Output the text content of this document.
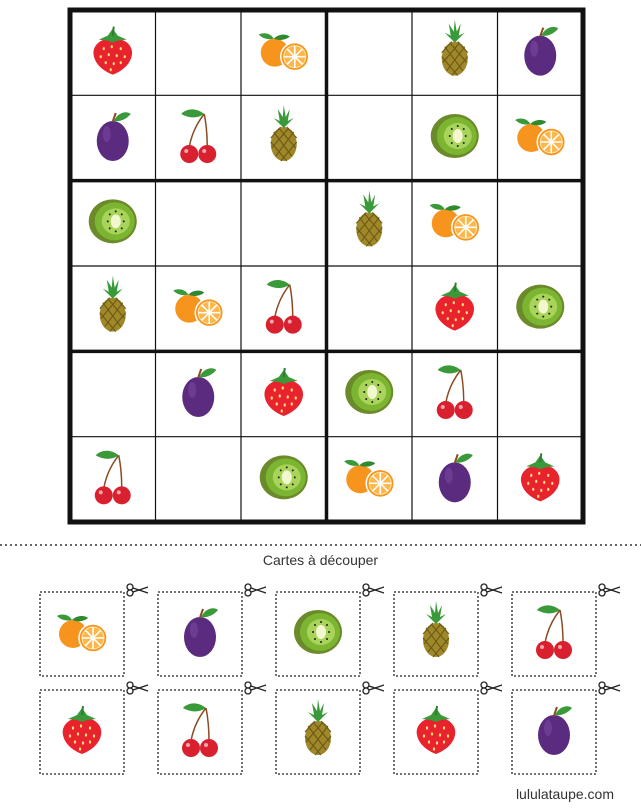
Cartes à découper
lululataupe.com
